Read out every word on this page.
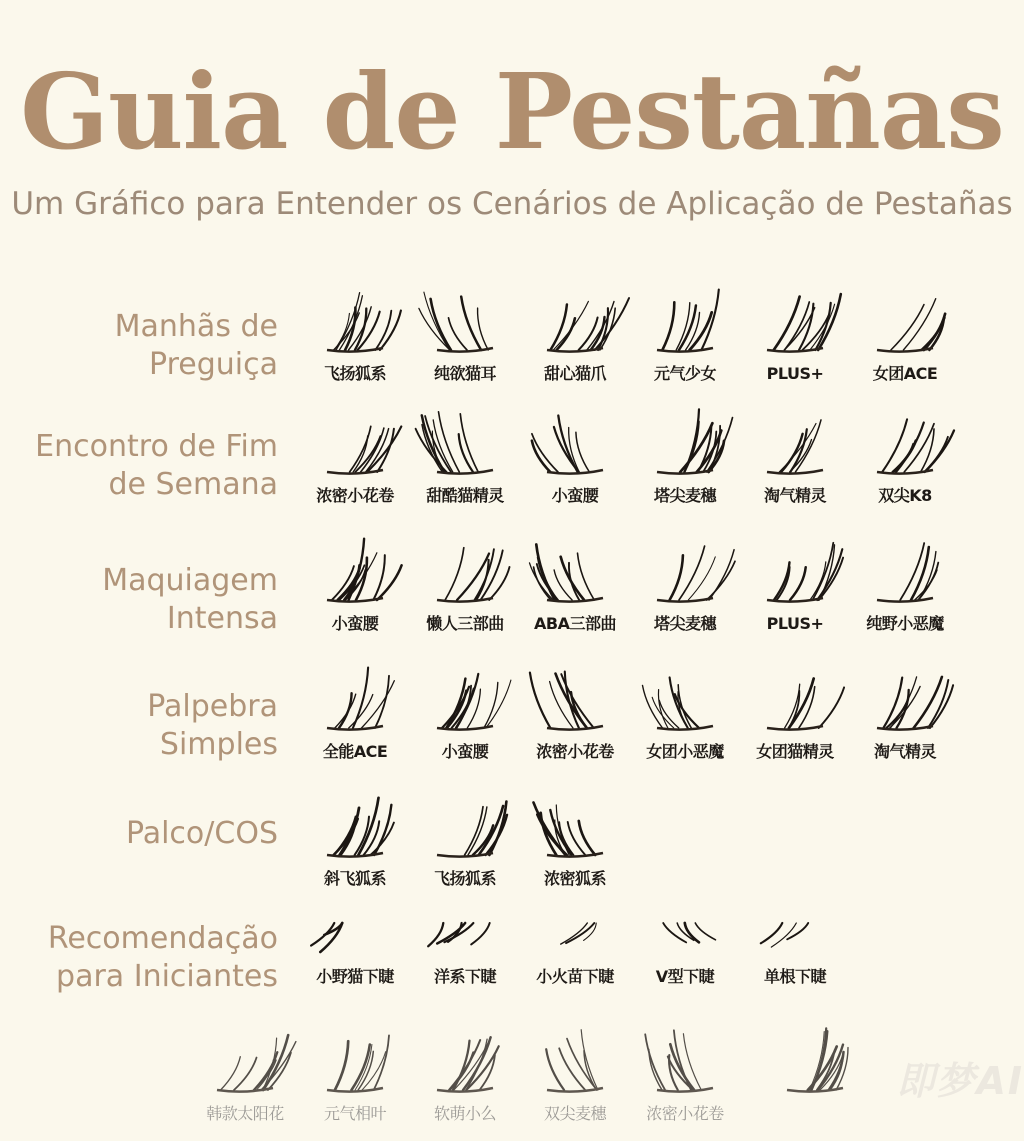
Guia de Pestañas
Um Gráfico para Entender os Cenários de Aplicação de Pestañas
Manhãs de
Preguiça	飞扬狐系	纯欲猫耳	甜心猫爪	元气少女	PLUS+	女团ACE
Encontro de Fim
de Semana	浓密小花卷	甜酷猫精灵	小蛮腰	塔尖麦穗	淘气精灵	双尖K8
Maquiagem
Intensa	小蛮腰	懒人三部曲	ABA三部曲	塔尖麦穗	PLUS+	纯野小恶魔
Palpebra
Simples	全能ACE	小蛮腰	浓密小花卷	女团小恶魔	女团猫精灵	淘气精灵
Palco/COS
斜飞狐系	飞扬狐系	浓密狐系
Recomendação
para Iniciantes	小野猫下睫	洋系下睫	小火苗下睫	V型下睫	单根下睫
韩款太阳花	元气相叶	软萌小么	双尖麦穗	浓密小花卷
即梦AI
